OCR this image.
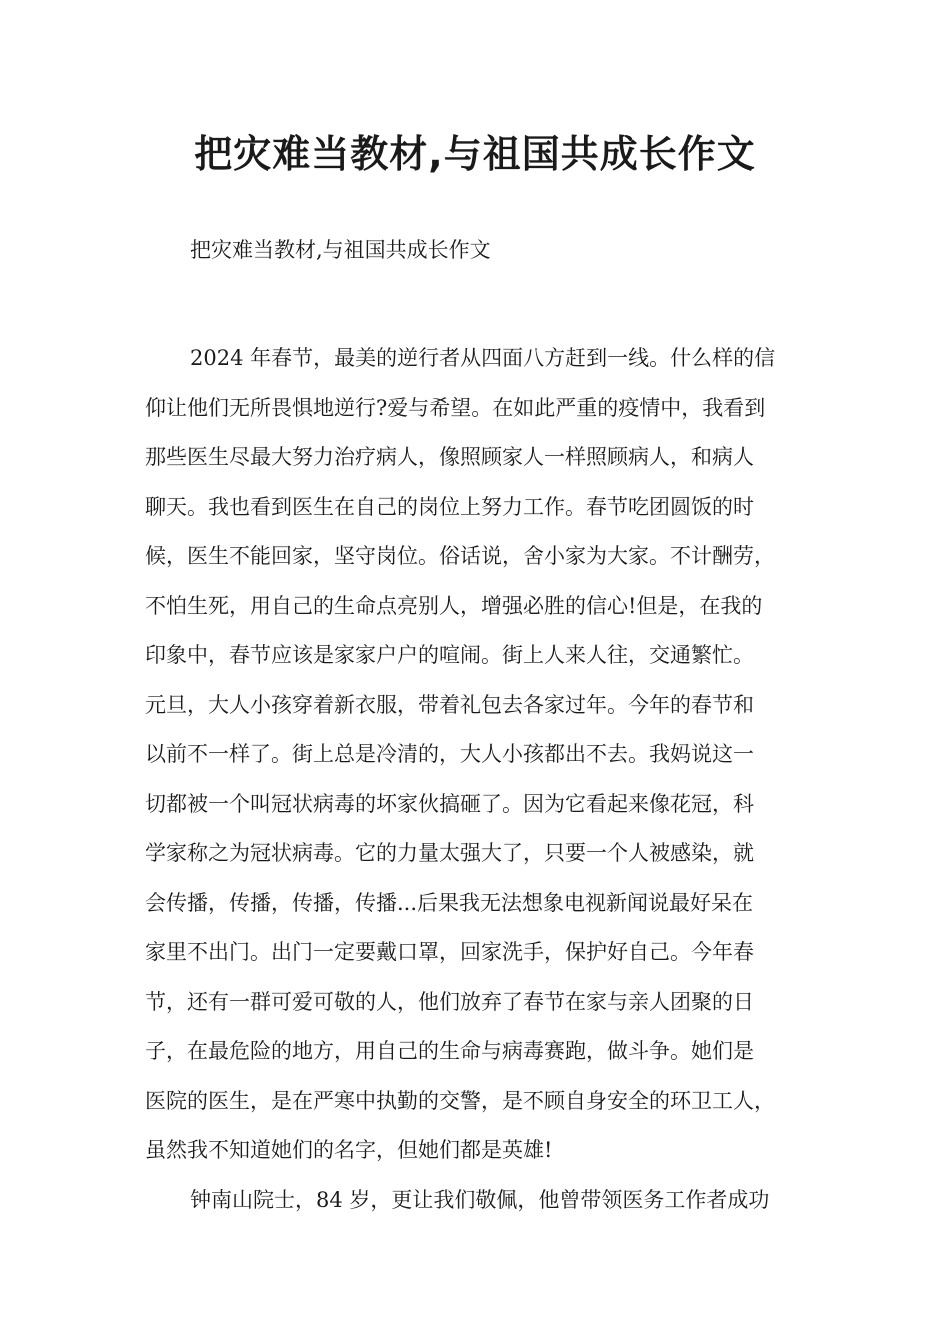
把灾难当教材,与祖国共成长作文

把灾难当教材,与祖国共成长作文

2024 年春节，最美的逆行者从四面八方赶到一线。什么样的信
仰让他们无所畏惧地逆行?爱与希望。在如此严重的疫情中，我看到
那些医生尽最大努力治疗病人，像照顾家人一样照顾病人，和病人
聊天。我也看到医生在自己的岗位上努力工作。春节吃团圆饭的时
候，医生不能回家，坚守岗位。俗话说，舍小家为大家。不计酬劳，
不怕生死，用自己的生命点亮别人，增强必胜的信心!但是，在我的
印象中，春节应该是家家户户的喧闹。街上人来人往，交通繁忙。
元旦，大人小孩穿着新衣服，带着礼包去各家过年。今年的春节和
以前不一样了。街上总是冷清的，大人小孩都出不去。我妈说这一
切都被一个叫冠状病毒的坏家伙搞砸了。因为它看起来像花冠，科
学家称之为冠状病毒。它的力量太强大了，只要一个人被感染，就
会传播，传播，传播，传播...后果我无法想象电视新闻说最好呆在
家里不出门。出门一定要戴口罩，回家洗手，保护好自己。今年春
节，还有一群可爱可敬的人，他们放弃了春节在家与亲人团聚的日
子，在最危险的地方，用自己的生命与病毒赛跑，做斗争。她们是
医院的医生，是在严寒中执勤的交警，是不顾自身安全的环卫工人，
虽然我不知道她们的名字，但她们都是英雄!
钟南山院士，84 岁，更让我们敬佩，他曾带领医务工作者成功
